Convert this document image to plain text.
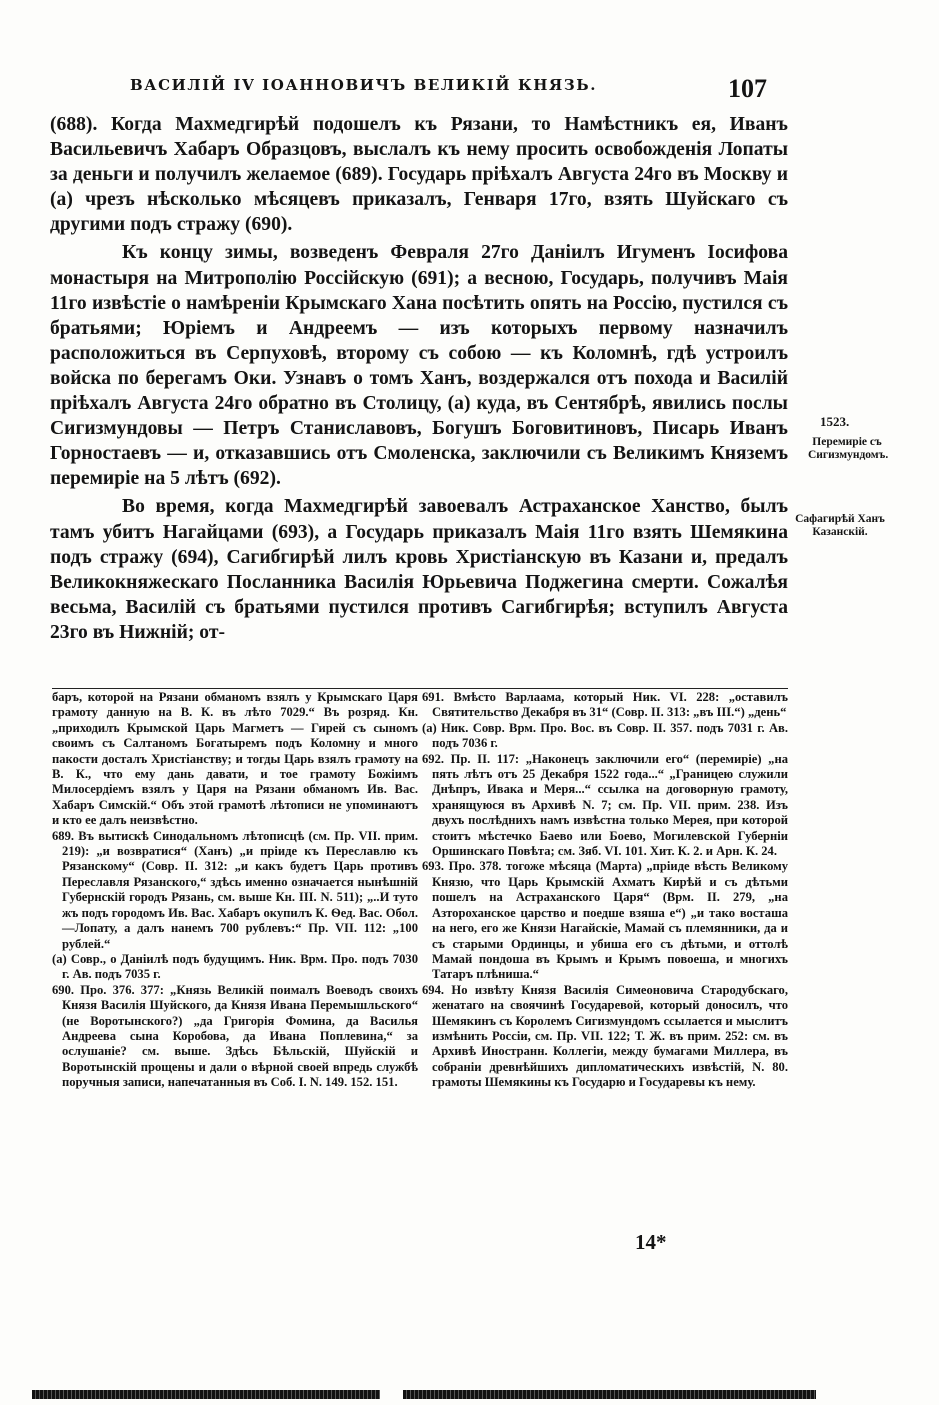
ВАСИЛІЙ IV ІОАННОВИЧЪ ВЕЛИКІЙ КНЯЗЬ.	107

(688). Когда Махмедгирѣй подошелъ къ Рязани, то Намѣстникъ ея, Иванъ Васильевичъ Хабаръ Образцовъ, выслалъ къ нему просить освобожденія Лопаты за деньги и получилъ желаемое (689). Государь пріѣхалъ Августа 24го въ Москву и (а) чрезъ нѣсколько мѣсяцевъ приказалъ, Генваря 17го, взять Шуйскаго съ другими подъ стражу (690).

Къ концу зимы, возведенъ Февраля 27го Даніилъ Игуменъ Іосифова монастыря на Митрополію Россійскую (691); а весною, Государь, получивъ Маія 11го извѣстіе о намѣреніи Крымскаго Хана посѣтить опять на Россію, пустился съ братьями; Юріемъ и Андреемъ — изъ которыхъ первому назначилъ расположиться въ Серпуховѣ, второму съ собою — къ Коломнѣ, гдѣ устроилъ войска по берегамъ Оки. Узнавъ о томъ Ханъ, воздержался отъ похода и Василій пріѣхалъ Августа 24го обратно въ Столицу, (а) куда, въ Сентябрѣ, явились послы Сигизмундовы — Петръ Станиславовъ, Богушъ Боговитиновъ, Писарь Иванъ Горностаевъ — и, отказавшись отъ Смоленска, заключили съ Великимъ Княземъ перемиріе на 5 лѣтъ (692).

Во время, когда Махмедгирѣй завоевалъ Астраханское Ханство, былъ тамъ убитъ Нагайцами (693), а Государь приказалъ Маія 11го взять Шемякина подъ стражу (694), Сагибгирѣй лилъ кровь Христіанскую въ Казани и, предалъ Великокняжескаго Посланника Василія Юрьевича Поджегина смерти. Сожалѣя весьма, Василій съ братьями пустился противъ Сагибгирѣя; вступилъ Августа 23го въ Нижній; от-

1523.
Перемиріе съ Сигизмундомъ.
Сафагирѣй Ханъ Казанскій.

баръ, которой на Рязани обманомъ взялъ у Крымскаго Царя грамоту данную на В. К. въ лѣто 7029.“ Въ розряд. Кн. „приходилъ Крымской Царь Магметъ — Гирей съ сыномъ своимъ съ Салтаномъ Богатыремъ подъ Коломну и много пакости досталъ Христіанству; и тогды Царь взялъ грамоту на В. К., что ему дань давати, и тое грамоту Божіимъ Милосердіемъ взялъ у Царя на Рязани обманомъ Ив. Вас. Хабаръ Симскій.“ Объ этой грамотѣ лѣтописи не упоминаютъ и кто ее далъ неизвѣстно.

689. Въ вытискѣ Синодальномъ лѣтописцѣ (см. Пр. VII. прим. 219): „и возвратися“ (Ханъ) „и пріиде къ Переславлю къ Рязанскому“ (Совр. II. 312: „и какъ будетъ Царь противъ Переславля Рязанского,“ здѣсь именно означается нынѣшній Губернскій городъ Рязань, см. выше Кн. III. N. 511); „..И тутo жъ подъ городомъ Ив. Вас. Хабаръ окупилъ К. Ѳед. Вас. Обол.—Лопату, а далъ нанемъ 700 рублевъ:“ Пр. VII. 112: „100 рублей.“

(а) Совр., о Даніилѣ подъ будущимъ. Ник. Врм. Про. подъ 7030 г. Ав. подъ 7035 г.

690. Про. 376. 377: „Князь Великій поималъ Воеводъ своихъ Князя Василія Шуйского, да Князя Ивана Перемышльского“ (не Воротынского?) „да Григорія Фомина, да Василья Андреева сына Коробова, да Ивана Поплевина,“ за ослушаніе? см. выше. Здѣсь Бѣльскій, Шуйскій и Воротынскій прощены и дали о вѣрной своей впредь службѣ поручныя записи, напечатанныя въ Соб. I. N. 149. 152. 151.

691. Вмѣсто Варлаама, который Ник. VI. 228: „оставилъ Святительство Декабря въ 31“ (Совр. II. 313: „въ III.“) „день“

(а) Ник. Совр. Врм. Про. Вос. въ Совр. II. 357. подъ 7031 г. Ав. подъ 7036 г.

692. Пр. II. 117: „Наконецъ заключили его“ (перемиріе) „на пять лѣтъ отъ 25 Декабря 1522 года...“ „Границею служили Днѣпръ, Ивака и Меря...“ ссылка на договорную грамоту, хранящуюся въ Архивѣ N. 7; см. Пр. VII. прим. 238. Изъ двухъ послѣднихъ намъ извѣстна только Мерея, при которой стоитъ мѣстечко Баево или Боево, Могилевской Губерніи Оршинскаго Повѣта; см. Зяб. VI. 101. Хит. К. 2. и Арн. К. 24.

693. Про. 378. тогоже мѣсяца (Марта) „пріиде вѣсть Великому Князю, что Царь Крымскій Ахматъ Кирѣй и съ дѣтьми пошелъ на Астраханского Царя“ (Врм. II. 279, „на Азтороханское царство и поедше взяша е“) „и тако восташа на него, его же Князи Нагайскіе, Мамай съ племянники, да и съ старыми Ординцы, и убиша его съ дѣтьми, и оттолѣ Мамай пондоша въ Крымъ и Крымъ повоеша, и многихъ Татаръ плѣниша.“

694. Но извѣту Князя Василія Симеоновича Стародубскаго, женатаго на своячинѣ Государевой, который доносилъ, что Шемякинъ съ Королемъ Сигизмундомъ ссылается и мыслитъ измѣнить Россіи, см. Пр. VII. 122; Т. Ж. въ прим. 252: см. въ Архивѣ Иностранн. Коллегіи, между бумагами Миллера, въ собраніи древнѣйшихъ дипломатическихъ извѣстій, N. 80. грамоты Шемякины къ Государю и Государевы къ нему.

14*
